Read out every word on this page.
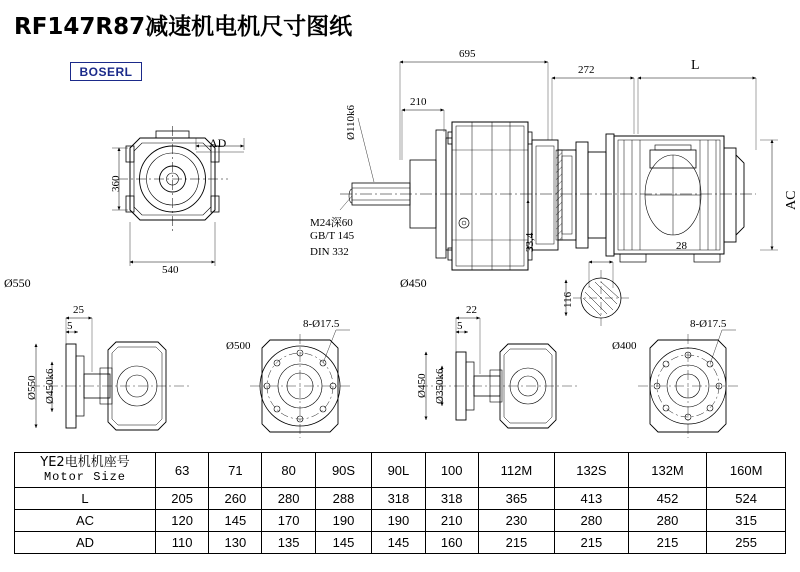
RF147R87减速机电机尺寸图纸
BOSERL
695
272	L
210
Ø110k6
M24深60
GB/T 145
DIN 332	33,4
AC
28
116
AD
360
540
Ø550	Ø450
25
5
Ø550 Ø450k6
8-Ø17.5
Ø500
22
5
Ø450 Ø350k6
8-Ø17.5
Ø400
YE2电机机座号
Motor Size	63	71	80	90S	90L	100	112M	132S	132M	160M
L	205	260	280	288	318	318	365	413	452	524
AC	120	145	170	190	190	210	230	280	280	315
AD	110	130	135	145	145	160	215	215	215	255
